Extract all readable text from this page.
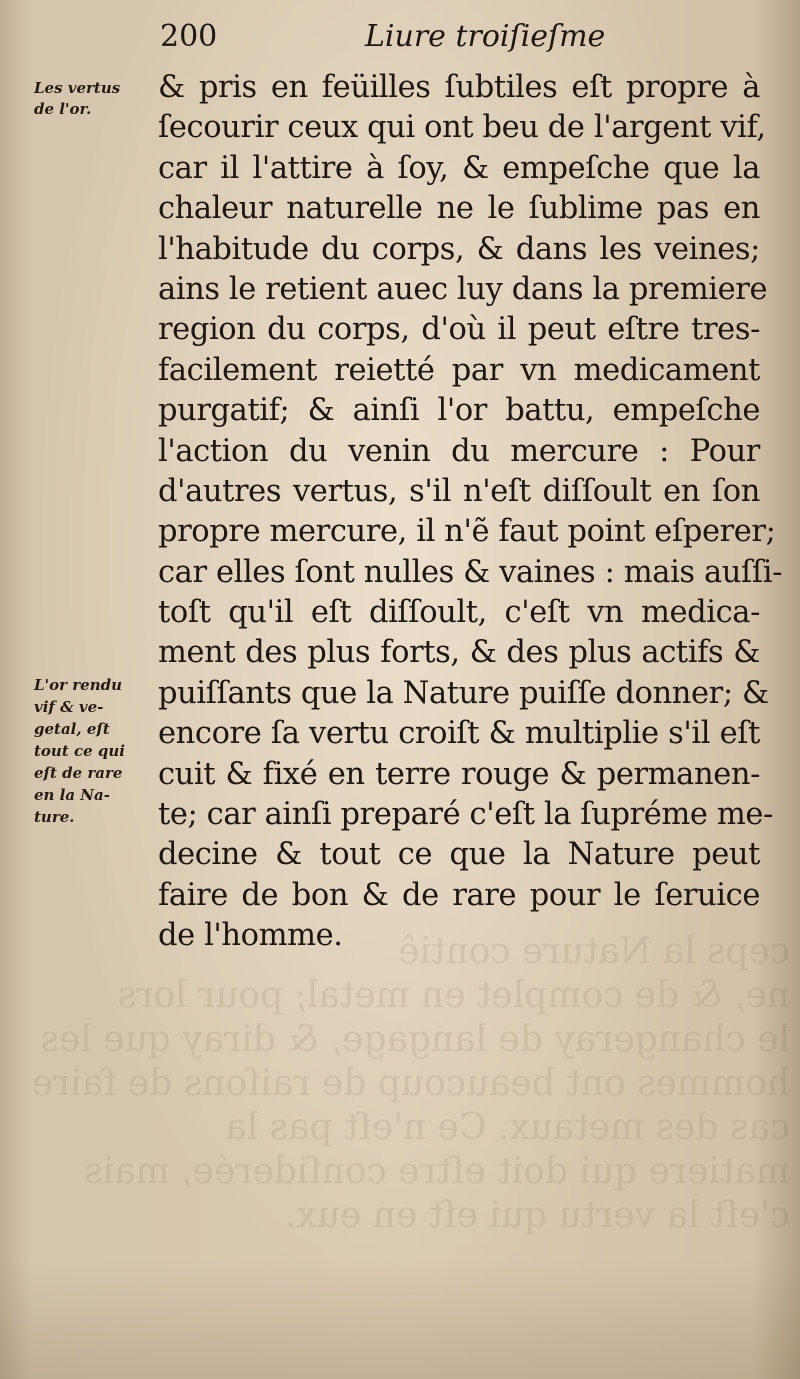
ceps la Nature contiê
ne, & de complet en metal; pour lors
le changeray de langage, & diray que les
hommes ont beaucoup de raiſons de faire
cas des metaux. Ce n'eſt pas la
matiere qui doit eſtre conſiderée, mais
c'eſt la vertu qui eſt en eux.
200	Liure troiſieſme
Les vertus
de l'or.
L'or rendu
vif & ve-
getal, eſt
tout ce qui
eſt de rare
en la Na-
ture.
& pris en feüilles ſubtiles eſt propre à
ſecourir ceux qui ont beu de l'argent vif,
car il l'attire à ſoy, & empeſche que la
chaleur naturelle ne le ſublime pas en
l'habitude du corps, & dans les veines;
ains le retient auec luy dans la premiere
region du corps, d'où il peut eſtre tres-
facilement reietté par vn medicament
purgatif; & ainſi l'or battu, empeſche
l'action du venin du mercure : Pour
d'autres vertus, s'il n'eſt diſſoult en ſon
propre mercure, il n'ẽ faut point eſperer;
car elles ſont nulles & vaines : mais auſſi-
toſt qu'il eſt diſſoult, c'eſt vn medica-
ment des plus forts, & des plus actifs &
puiſſants que la Nature puiſſe donner; &
encore ſa vertu croiſt & multiplie s'il eſt
cuit & fixé en terre rouge & permanen-
te; car ainſi preparé c'eſt la ſupréme me-
decine & tout ce que la Nature peut
faire de bon & de rare pour le ſeruice
de l'homme.
